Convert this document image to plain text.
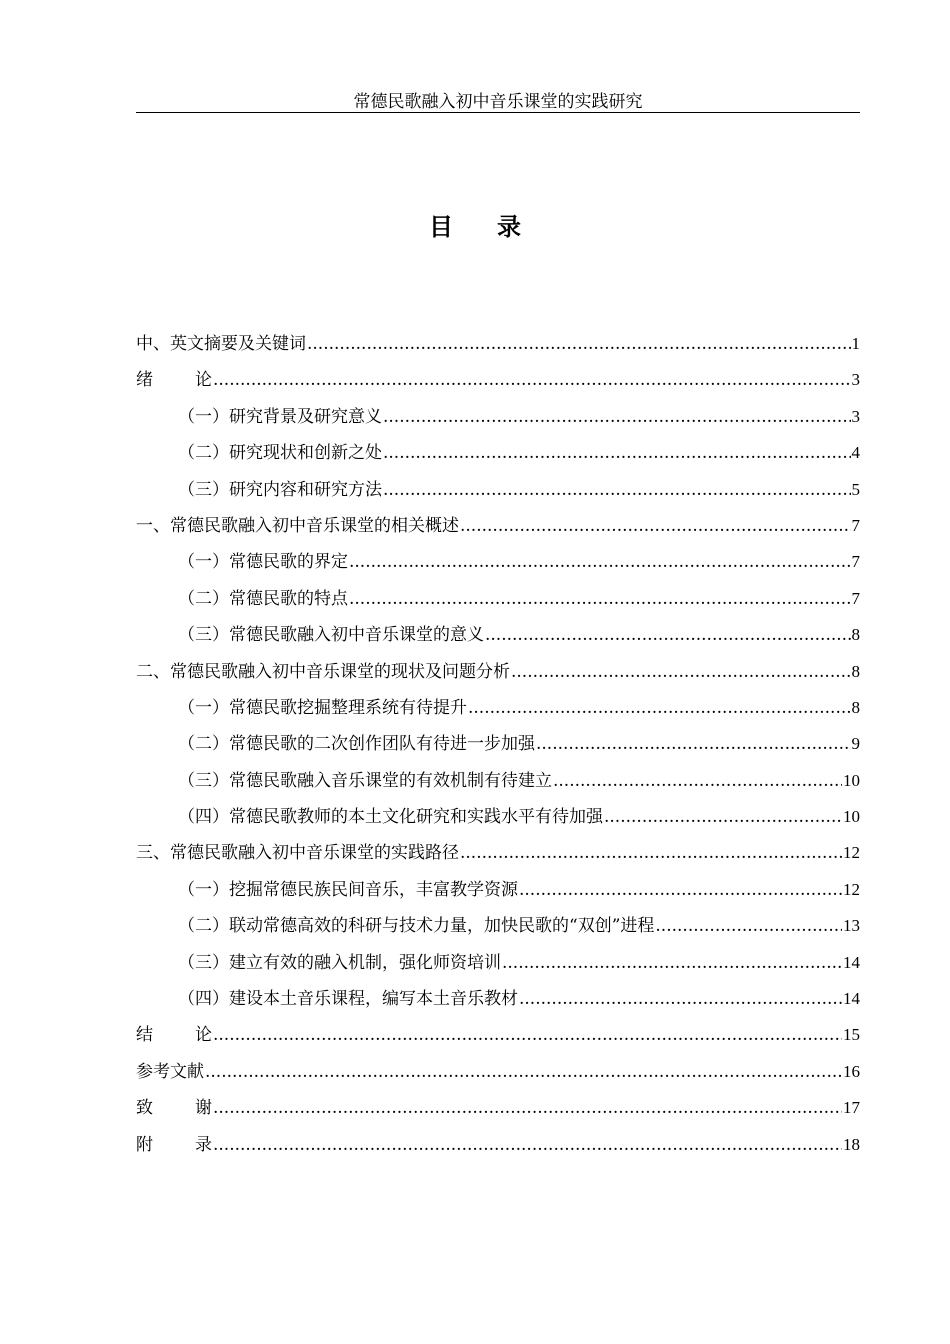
常德民歌融入初中音乐课堂的实践研究
目录
中、英文摘要及关键词 .....	1
绪论 .....	3
（一）研究背景及研究意义 .....	3
（二）研究现状和创新之处 .....	4
（三）研究内容和研究方法 .....	5
一、常德民歌融入初中音乐课堂的相关概述 .....	7
（一）常德民歌的界定 .....	7
（二）常德民歌的特点 .....	7
（三）常德民歌融入初中音乐课堂的意义 .....	8
二、常德民歌融入初中音乐课堂的现状及问题分析 .....	8
（一）常德民歌挖掘整理系统有待提升 .....	8
（二）常德民歌的二次创作团队有待进一步加强 .....	9
（三）常德民歌融入音乐课堂的有效机制有待建立 .....	10
（四）常德民歌教师的本土文化研究和实践水平有待加强 .....	10
三、常德民歌融入初中音乐课堂的实践路径 .....	12
（一）挖掘常德民族民间音乐，丰富教学资源 .....	12
（二）联动常德高效的科研与技术力量，加快民歌的“双创”进程 .....	13
（三）建立有效的融入机制，强化师资培训 .....	14
（四）建设本土音乐课程，编写本土音乐教材 .....	14
结论 .....	15
参考文献 .....	16
致谢 .....	17
附录 .....	18
